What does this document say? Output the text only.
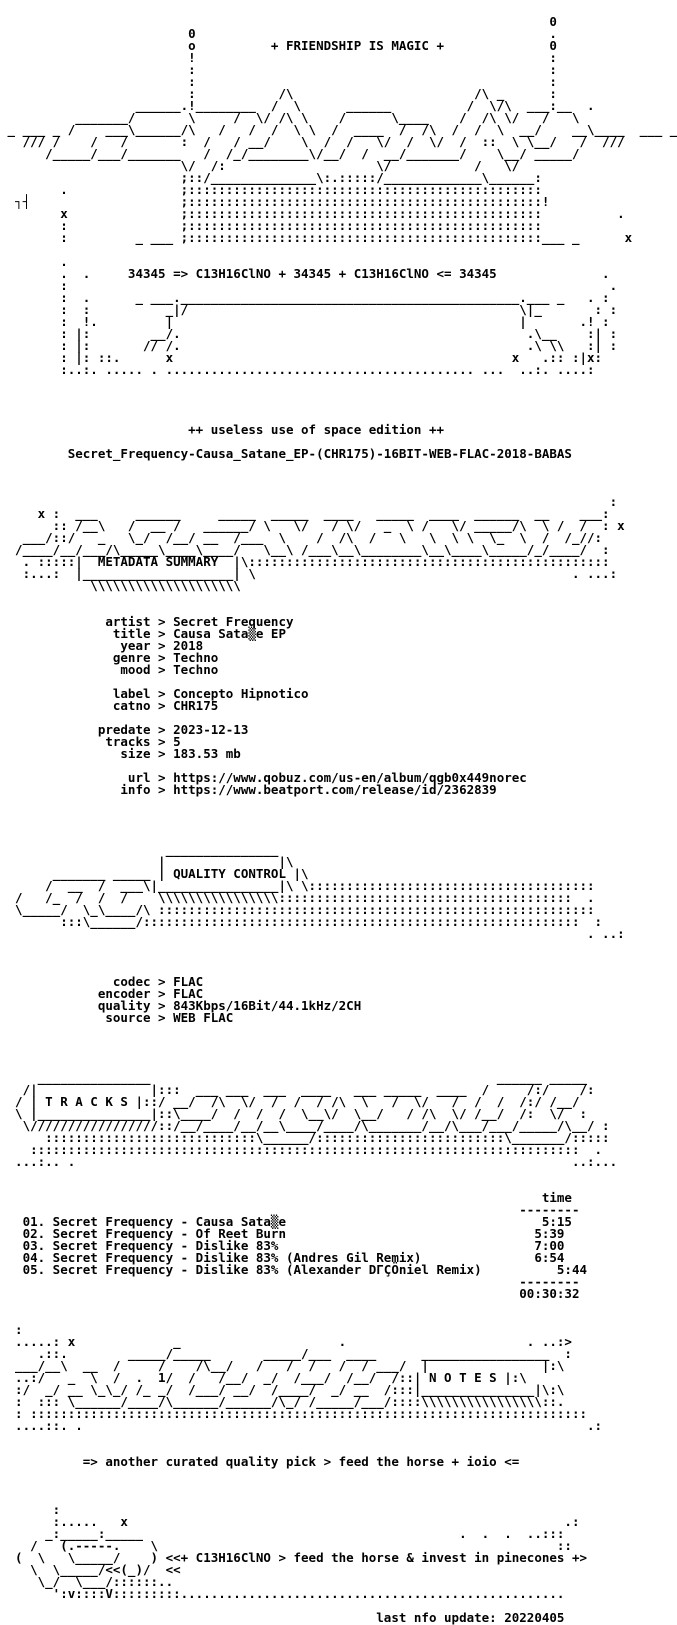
0
0                                               .
o          + FRIENDSHIP IS MAGIC +              0
!                                               :
:                                               :
:                                               :
:           /\                        /\ _      :
______.!________  /  \      ______          /  \/\  ___:__  .
_______/       \     /  \/ /\ \    /      \____    /  /\ \/   /   \
_ ___ _ /    ___\______/\   /   /  /  \ \  /  ____  /  /\  /  /  \  __/    __\____  ___ _
/// /    /   /       :  /   / __/    \  /  /   \/  /  \/  /  ::  \ \__/   /  ///
/_____/___/_______   /  /_/________\/__/  /  __/_______/    \__/ _____/
\/  /:                    \/           /   \/
;::/______________\:.:::::/_____________\______:
.               ;:::::::::::::::::::::::::::::::::::::::::::::::
┐┤                    ;:::::::::::::::::::::::::::::::::::::::::::::::!
x               ;:::::::::::::::::::::::::::::::::::::::::::::::          .
:               ;:::::::::::::::::::::::::::::::::::::::::::::::
:         _ ___ ;:::::::::::::::::::::::::::::::::::::::::::::::___ _      x
.
.  .     34345 => C13H16ClNO + 34345 + C13H16ClNO <= 34345              .
:                                                                        .
:  .      _ ___._____________________________________________.___ _   . :
:  :          _|/                                            \|_       : :
:  !.         |                                              |       .! :
: |:        __/.                                              .\__    :| :
: |:       // /.                                              .\ \\   :| :
: |: ::.      x                                             x   .:: :|x:
:..:. ..... . ......................................... ...  ..:. ....:
++ useless use of space edition ++
Secret_Frequency-Causa_Satane_EP-(CHR175)-16BIT-WEB-FLAC-2018-BABAS
:
x :  ___     ______     _____  _____  ____   _____  ____  ______  __    ___:
:: /__\   /  __ /   ______/ \   \/   / \/   _  \ /   \/ _____/\  \ /  /  : x
___/::/   _   \_/  /__/ __  /___  \    /  /\  /   \   \  \ \  \_  \  /  /_//:
/____/__/___/\_____\____\____/   \__\ /___\__\________\__\____\_____/_/____/  :
. :::::|  METADATA SUMMARY  |\::::::::::::::::::::::::::::::::::::::::::::::::
:...:  |____________________| \                                          . ...:
\\\\\\\\\\\\\\\\\\\\
artist > Secret Frequency
title > Causa Sata▒e EP
year > 2018
genre > Techno
mood > Techno
label > Concepto Hipnotico
catno > CHR175
predate > 2023-12-13
tracks > 5
size > 183.53 mb
url > https://www.qobuz.com/us-en/album/qgb0x449norec
info > https://www.beatport.com/release/id/2362839
_______________
|               |\
_______ _____ | QUALITY CONTROL |\
/  __  /  ___\|________________|\ \::::::::::::::::::::::::::::::::::::::
/   /_  /  /  /    \\\\\\\\\\\\\\\\:::::::::::::::::::::::::::::::::::::::  .
\_____/  \_\____/\ ::::::::::::::::::::::::::::::::::::::::::::::::::::::::::
:::\______/::::::::::::::::::::::::::::::::::::::::::::::::::::::::::  :
. ..:
codec > FLAC
encoder > FLAC
quality > 843Kbps/16Bit/44.1kHz/2CH
source > WEB FLAC
_______________                                              ______ _____
/|               |:::  ___ ___  ___  ____   ___ _____  ____  /     /:/    /:
/ | T R A C K S |::/ __/  /\  \/  /  /  / /\  \   /  \/   /  /  /  /:/ /__/
\ |_______________|::\____/  /  /  /  \__\/  \__/   / /\  \/ /__/  /:  \/  :
\/////////////////::/__/____/__/__\____/____/\_______/__/\___/___/_____/\__/ :
::::::::::::::::::::::::::::\______/:::::::::::::::::::::::::\_______/:::::
:::::::::::::::::::::::::::::::::::::::::::::::::::::::::::::::::::::::::  .
...:.. .                                                                  ..:...
time
--------
01. Secret Frequency - Causa Sata▒e                                  5:15
02. Secret Frequency - Of Reet Burn                                 5:39
03. Secret Frequency - Dislike 83%                                  7:00
04. Secret Frequency - Dislike 83% (Andres Gil Remix)               6:54
05. Secret Frequency - Dislike 83% (Alexander DΓÇÖniel Remix)          5:44
--------
00:30:32
:
.....: x             _                     .                        . ..:>
.::.        _____/_____       _____/___  ____      _________________  :
___/__\  __  /     /    /\__/   /   /  /   /  / ___/  |               |:\
..:/   _  \  /  .  1/  /   /__/  _/  /___/  /__/  /::| N O T E S |:\
:/  _/ __ \_\_/ /_ _/  /___/ __/  /____/  _/ __  /:::|_______________|\:\
:  ::: \______/____/\______/______/\_/ /_____/___/::::\\\\\\\\\\\\\\\\::.
: ::::::::::::::::::::::::::::::::::::::::::::::::::::::::::::::::::::::::::
....::. .                                                                   .:
=> another curated quality pick > feed the horse + ioio <=
:
:.....   x                                                          .:
_:_____:_____                                          .  .  .  ..:::
/   (.-----.    \                                                     ::
(  \   \_____/    ) <<+ C13H16ClNO > feed the horse & invest in pinecones +>
\  \_____/<<(_)/  <<
\_/  \___/::::::..
':v::::V:::::::::...................................................
last nfo update: 20220405
